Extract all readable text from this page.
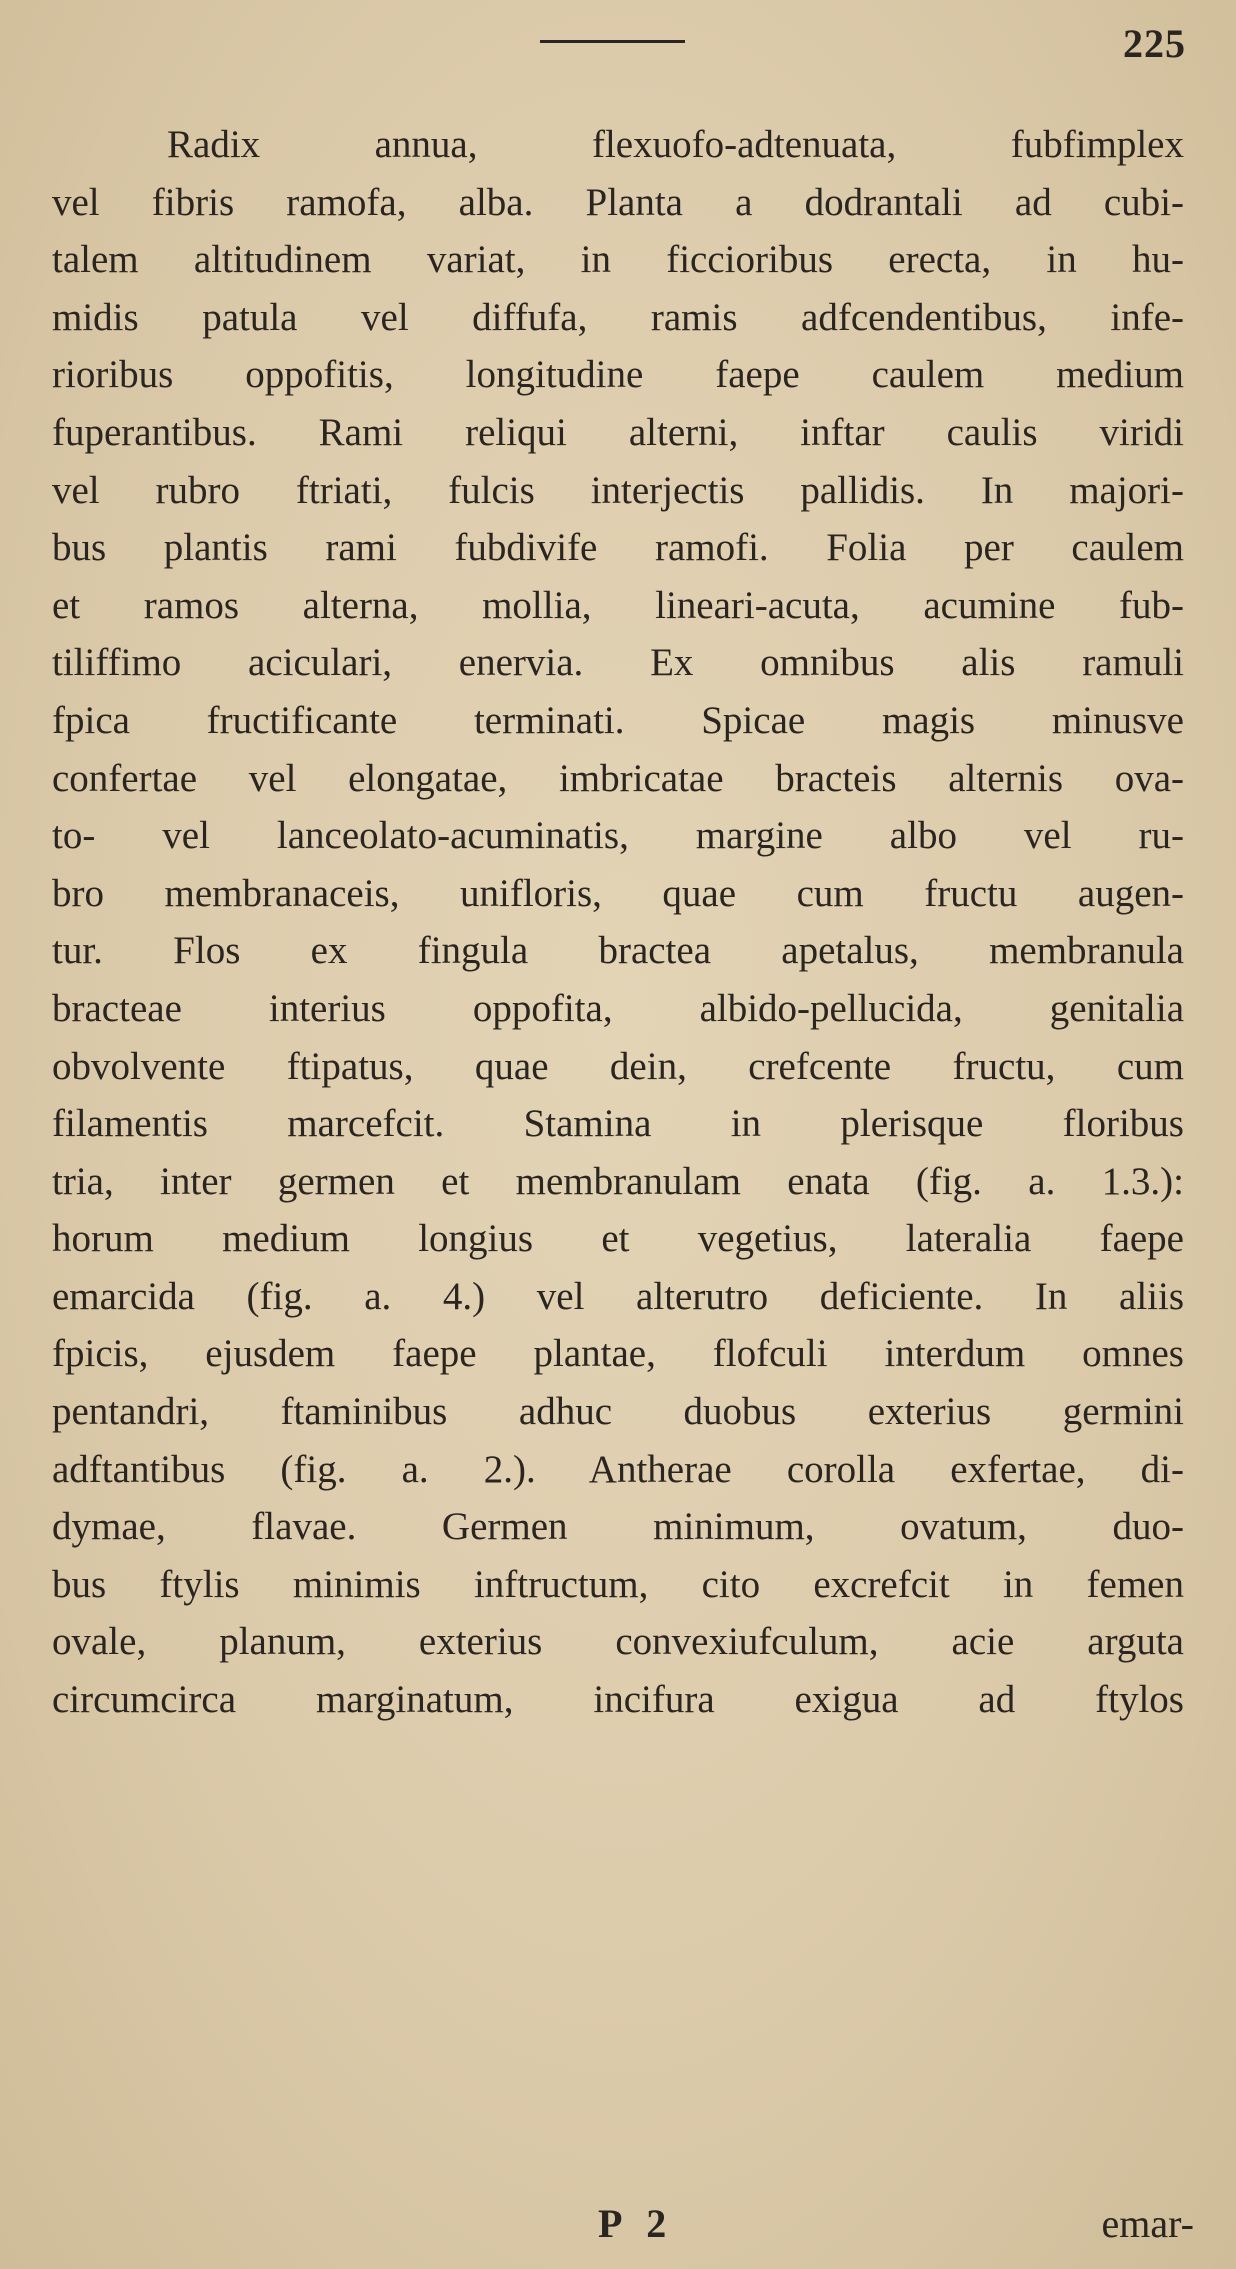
225
Radix annua, flexuofo-adtenuata, fubfimplex
vel fibris ramofa, alba. Planta a dodrantali ad cubi-
talem altitudinem variat, in ficcioribus erecta, in hu-
midis patula vel diffufa, ramis adfcendentibus, infe-
rioribus oppofitis, longitudine faepe caulem medium
fuperantibus. Rami reliqui alterni, inftar caulis viridi
vel rubro ftriati, fulcis interjectis pallidis. In majori-
bus plantis rami fubdivife ramofi. Folia per caulem
et ramos alterna, mollia, lineari-acuta, acumine fub-
tiliffimo aciculari, enervia. Ex omnibus alis ramuli
fpica fructificante terminati. Spicae magis minusve
confertae vel elongatae, imbricatae bracteis alternis ova-
to- vel lanceolato-acuminatis, margine albo vel ru-
bro membranaceis, unifloris, quae cum fructu augen-
tur. Flos ex fingula bractea apetalus, membranula
bracteae interius oppofita, albido-pellucida, genitalia
obvolvente ftipatus, quae dein, crefcente fructu, cum
filamentis marcefcit. Stamina in plerisque floribus
tria, inter germen et membranulam enata (fig. a. 1.3.):
horum medium longius et vegetius, lateralia faepe
emarcida (fig. a. 4.) vel alterutro deficiente. In aliis
fpicis, ejusdem faepe plantae, flofculi interdum omnes
pentandri, ftaminibus adhuc duobus exterius germini
adftantibus (fig. a. 2.). Antherae corolla exfertae, di-
dymae, flavae. Germen minimum, ovatum, duo-
bus ftylis minimis inftructum, cito excrefcit in femen
ovale, planum, exterius convexiufculum, acie arguta
circumcirca marginatum, incifura exigua ad ftylos
P 2	emar-
